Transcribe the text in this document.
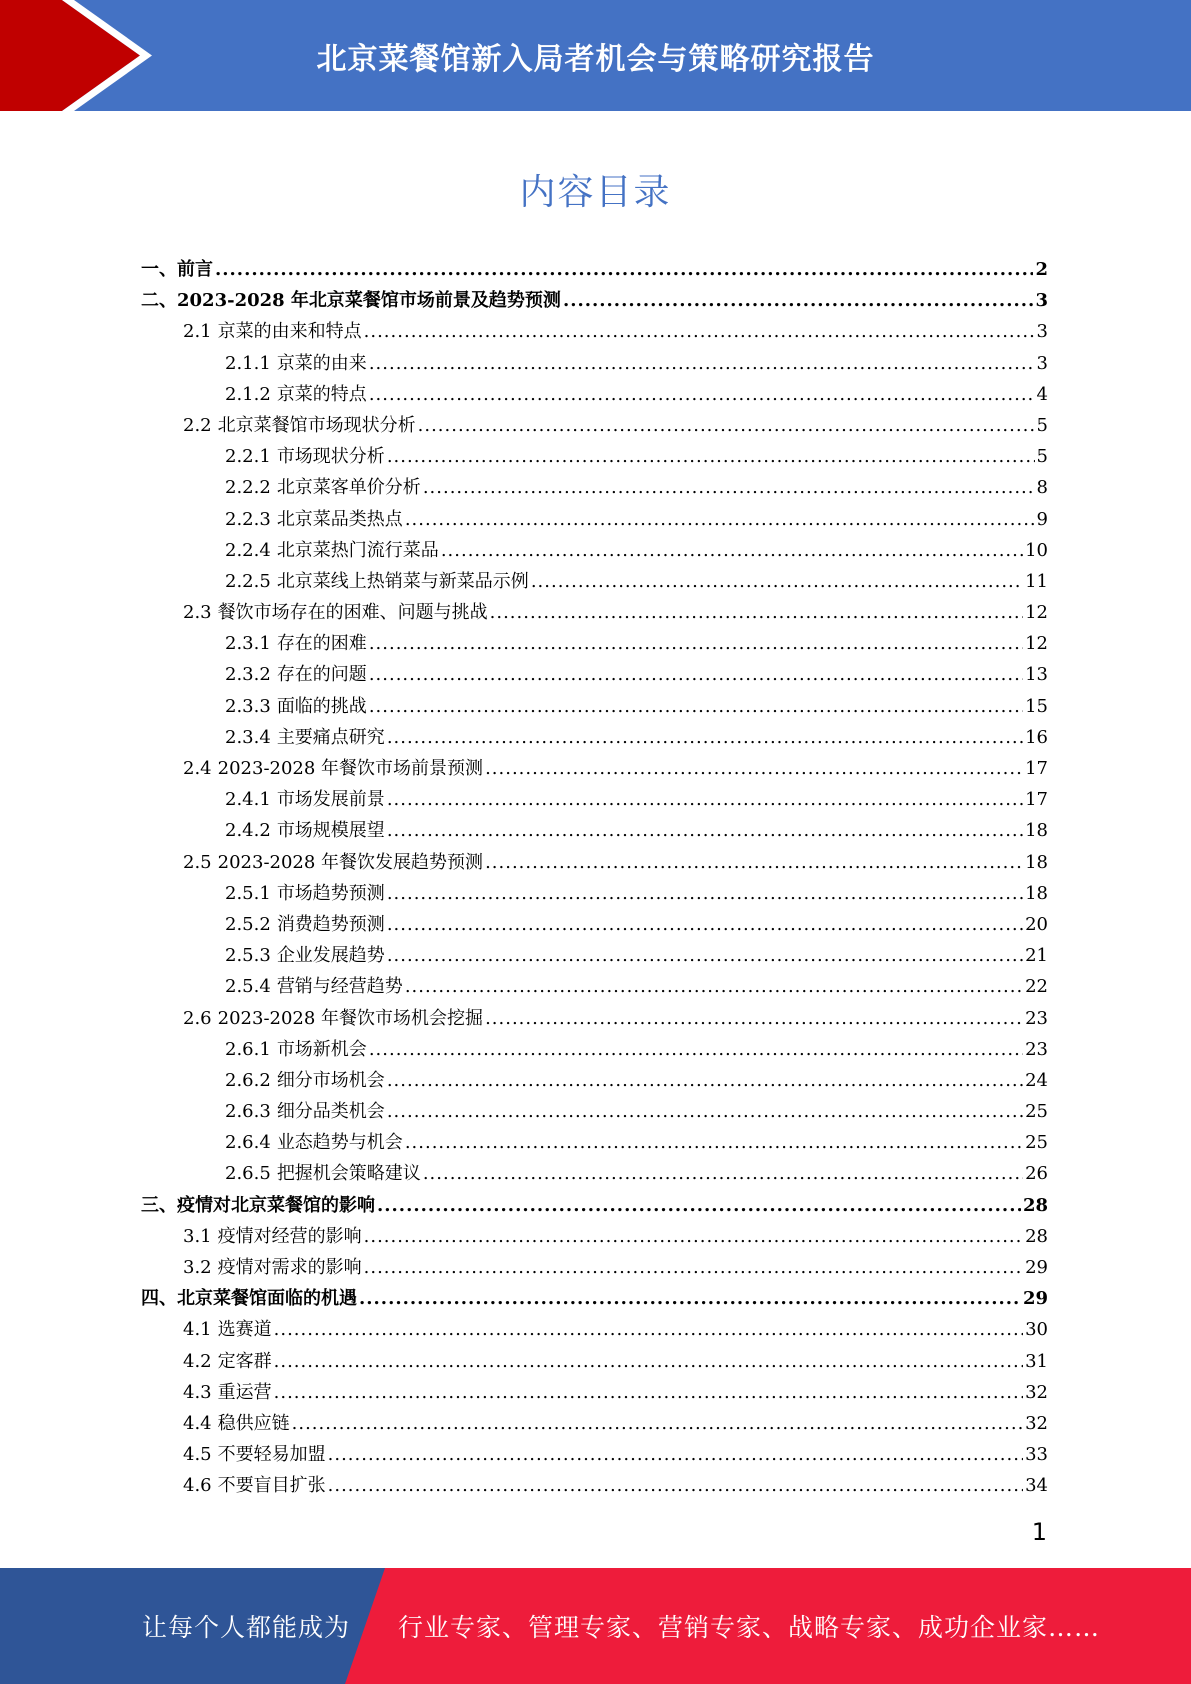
北京菜餐馆新入局者机会与策略研究报告
内容目录
一、 前言 .....	2
二、 2023-2028 年北京菜餐馆市场前景及趋势预测 .....	3
2.1 京菜的由来和特点 .....	3
2.1.1 京菜的由来 .....	3
2.1.2 京菜的特点 .....	4
2.2 北京菜餐馆市场现状分析 .....	5
2.2.1 市场现状分析 .....	5
2.2.2 北京菜客单价分析 .....	8
2.2.3 北京菜品类热点 .....	9
2.2.4 北京菜热门流行菜品 .....	10
2.2.5 北京菜线上热销菜与新菜品示例 .....	11
2.3 餐饮市场存在的困难、问题与挑战 .....	12
2.3.1 存在的困难 .....	12
2.3.2 存在的问题 .....	13
2.3.3 面临的挑战 .....	15
2.3.4 主要痛点研究 .....	16
2.4 2023-2028 年餐饮市场前景预测 .....	17
2.4.1 市场发展前景 .....	17
2.4.2 市场规模展望 .....	18
2.5 2023-2028 年餐饮发展趋势预测 .....	18
2.5.1 市场趋势预测 .....	18
2.5.2 消费趋势预测 .....	20
2.5.3 企业发展趋势 .....	21
2.5.4 营销与经营趋势 .....	22
2.6 2023-2028 年餐饮市场机会挖掘 .....	23
2.6.1 市场新机会 .....	23
2.6.2 细分市场机会 .....	24
2.6.3 细分品类机会 .....	25
2.6.4 业态趋势与机会 .....	25
2.6.5 把握机会策略建议 .....	26
三、 疫情对北京菜餐馆的影响 .....	28
3.1 疫情对经营的影响 .....	28
3.2 疫情对需求的影响 .....	29
四、 北京菜餐馆面临的机遇 .....	29
4.1 选赛道 .....	30
4.2 定客群 .....	31
4.3 重运营 .....	32
4.4 稳供应链 .....	32
4.5 不要轻易加盟 .....	33
4.6 不要盲目扩张 .....	34
1
让每个人都能成为 行业专家、管理专家、营销专家、战略专家、成功企业家……
